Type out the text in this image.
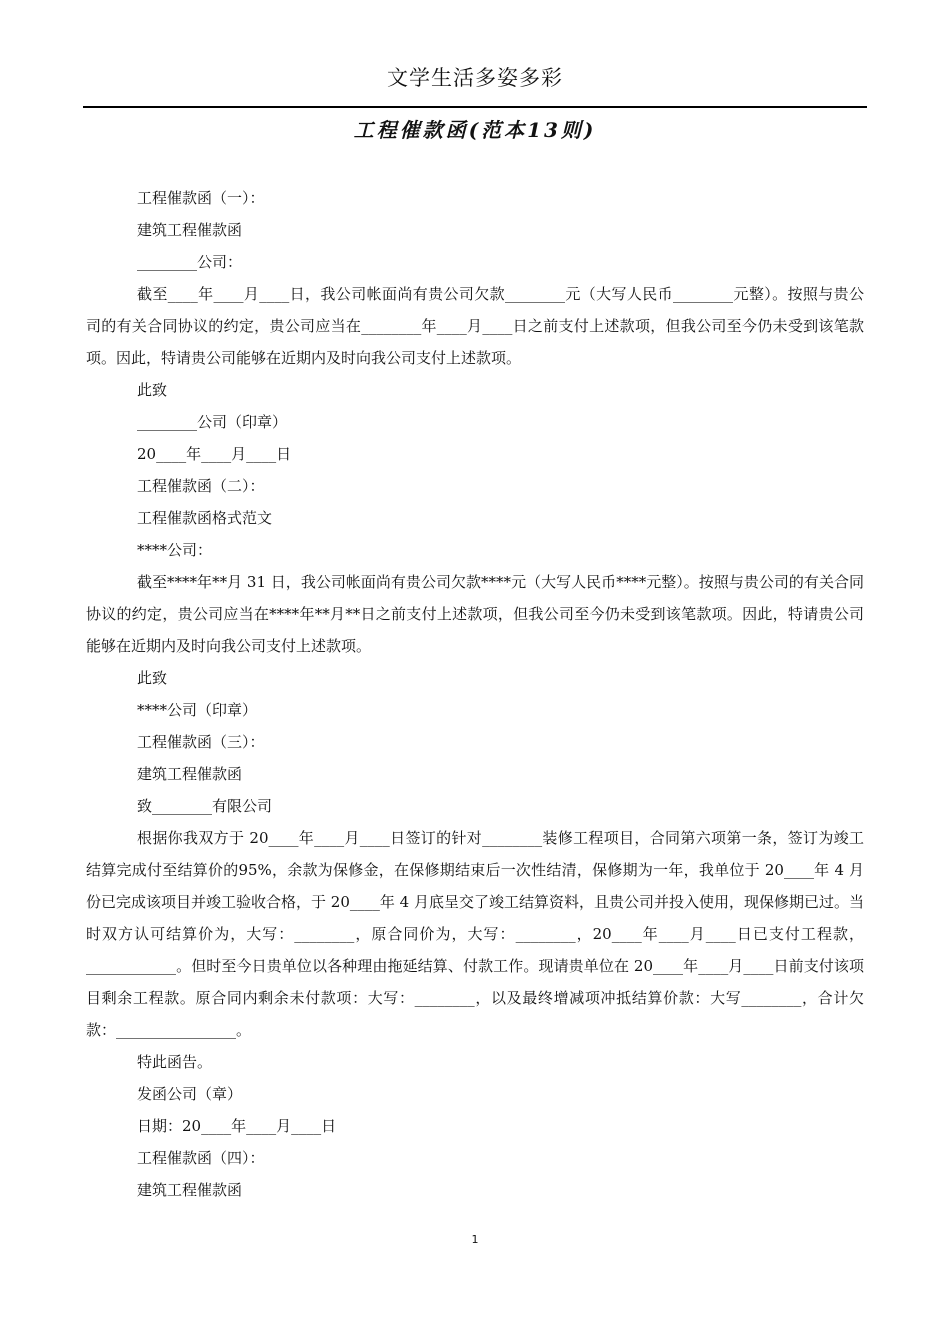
文学生活多姿多彩
工程催款函(范本13则)

工程催款函（一）：

建筑工程催款函

________公司：

截至____年____月____日，我公司帐面尚有贵公司欠款________元（大写人民币________元整）。按照与贵公司的有关合同协议的约定，贵公司应当在________年____月____日之前支付上述款项，但我公司至今仍未受到该笔款项。因此，特请贵公司能够在近期内及时向我公司支付上述款项。

此致

________公司（印章）

20____年____月____日

工程催款函（二）：

工程催款函格式范文

****公司：

截至****年**月 31 日，我公司帐面尚有贵公司欠款****元（大写人民币****元整）。按照与贵公司的有关合同协议的约定，贵公司应当在****年**月**日之前支付上述款项，但我公司至今仍未受到该笔款项。因此，特请贵公司能够在近期内及时向我公司支付上述款项。

此致

****公司（印章）

工程催款函（三）：

建筑工程催款函

致________有限公司

根据你我双方于 20____年____月____日签订的针对________装修工程项目，合同第六项第一条，签订为竣工结算完成付至结算价的95%，余款为保修金，在保修期结束后一次性结清，保修期为一年，我单位于 20____年 4 月份已完成该项目并竣工验收合格，于 20____年 4 月底呈交了竣工结算资料，且贵公司并投入使用，现保修期已过。当时双方认可结算价为，大写：________，原合同价为，大写：________，20____年____月____日已支付工程款，____________。但时至今日贵单位以各种理由拖延结算、付款工作。现请贵单位在 20____年____月____日前支付该项目剩余工程款。原合同内剩余未付款项：大写：________，以及最终增减项冲抵结算价款：大写________，合计欠款：________________。

特此函告。

发函公司（章）

日期：20____年____月____日

工程催款函（四）：

建筑工程催款函

1
